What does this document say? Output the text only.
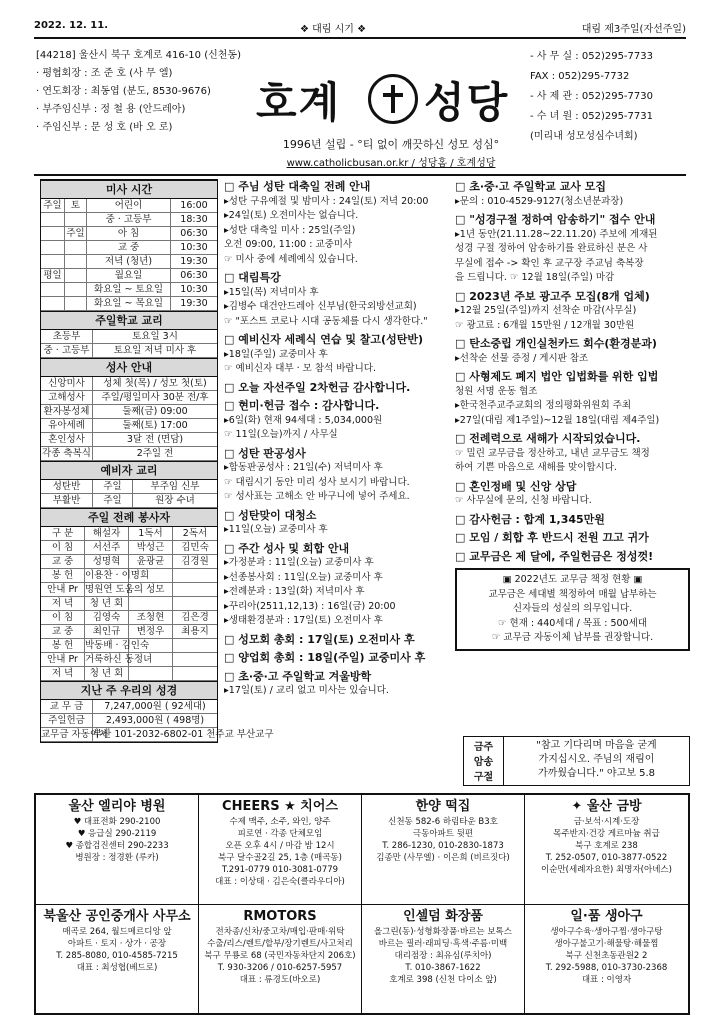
2022. 12. 11.	❖ 대림 시기 ❖	대림 제3주일(자선주일)
[44218] 울산시 북구 호계로 416-10 (신천동)
· 평협회장 : 조 준 호 (사 무 엘)
· 연도회장 : 최동엽 (분도, 8530-9676)
· 부주임신부 : 정 철 용 (안드레아)
· 주임신부 : 문 성 호 (바 오 로)
- 사 무 실 : 052)295-7733
FAX : 052)295-7732
- 사 제 관 : 052)295-7730
- 수 녀 원 : 052)295-7731
(미리내 성모성심수녀회)
호계 성당
1996년 설립 - °티 없이 깨끗하신 성모 성심°
www.catholicbusan.or.kr / 성당홈 / 호계성당
미사 시간
주일 토	어린이	16:00
중 · 고등부	18:30
주일	아 침	06:30
교 중	10:30
저녁 (청년)	19:30
평일	월요일	06:30
화요일 ~ 토요일	10:30
화요일 ~ 목요일	19:30
주일학교 교리
초등부	토요일 3시
중 · 고등부	토요일 저녁 미사 후
성사 안내
신앙미사	성체 첫(목) / 성모 첫(토)
고해성사	주일/평일미사 30분 전/후
환자봉성체	둘째(금) 09:00
유아세례	둘째(토) 17:00
혼인성사	3달 전 (면담)
각종 축복식	2주일 전
예비자 교리
성탄반	주일	부주임 신부
부활반	주일	원장 수녀
주일 전례 봉사자
구 분	해설자	1독서	2독서
이 침	서선주	박성근	김민숙
교 중	성명혁	윤광균	김경원
봉 헌	이용찬 · 이명희
안내 Pr 명원연 도움의 성모
저 녁	청 년 회
이 침	김영숙	조청현	김은경
교 중	최인규	변정우	최용지
봉 헌	박동배 · 김인숙
안내 Pr 거룩하신 동정녀
저 녁	청 년 회
지난 주 우리의 성경
교 무 금	7,247,000원 ( 92세대)
주일헌금	2,493,000원 ( 498명)
교무금 자동이체
부산 101-2032-6802-01 천주교 부산교구
□ 주님 성탄 대축일 전례 안내
▸성탄 구유예절 및 밤미사 : 24일(토) 저녁 20:00
▸24일(토) 오전미사는 없습니다.
▸성탄 대축일 미사 : 25일(주일)
오전 09:00, 11:00 : 교중미사
☞ 미사 중에 세례예식 있습니다.
□ 대림특강
▸15일(목) 저녁미사 후
▸김병수 대건안드레아 신부님(한국외방선교회)
☞ "포스트 코로나 시대 공동체를 다시 생각한다."
□ 예비신자 세례식 연습 및 찰고(성탄반)
▸18일(주일) 교중미사 후
☞ 예비신자 대부 · 모 참석 바랍니다.
□ 오늘 자선주일 2차헌금 감사합니다.
□ 현미·헌금 접수 : 감사합니다.
▸6일(화) 현재 94세대 : 5,034,000원
☞ 11일(오늘)까지 / 사무실
□ 성탄 판공성사
▸합동판공성사 : 21일(수) 저녁미사 후
☞ 대림시기 동안 미리 성사 보시기 바랍니다.
☞ 성사표는 고해소 안 바구니에 넣어 주세요.
□ 성탄맞이 대청소
▸11일(오늘) 교중미사 후
□ 주간 성사 및 회합 안내
▸가정분과 : 11일(오늘) 교중미사 후
▸선종봉사회 : 11일(오늘) 교중미사 후
▸전례분과 : 13일(화) 저녁미사 후
▸꾸리아(2511,12,13) : 16일(금) 20:00
▸생태환경분과 : 17일(토) 오전미사 후
□ 성모회 총회 : 17일(토) 오전미사 후
□ 양업회 총회 : 18일(주일) 교중미사 후
□ 초·중·고 주일학교 겨울방학
▸17일(토) / 교리 없고 미사는 있습니다.
□ 초·중·고 주일학교 교사 모집
▸문의 : 010-4529-9127(청소년분과장)
□ "성경구절 정하여 암송하기" 접수 안내
▸1년 동안(21.11.28~22.11.20) 주보에 게재된
성경 구절 정하여 암송하기를 완료하신 분은 사
무실에 접수 -> 확인 후 교구장 주교님 축복장
을 드립니다. ☞ 12월 18일(주일) 마감
□ 2023년 주보 광고주 모집(8개 업체)
▸12월 25일(주일)까지 선착순 마감(사무실)
☞ 광고료 : 6개월 15만원 / 12개월 30만원
□ 탄소중립 개인실천카드 회수(환경분과)
▸선착순 선물 증정 / 게시판 참조
□ 사형제도 폐지 법안 입법화를 위한 입법
청원 서명 운동 협조
▸한국천주교주교회의 정의평화위원회 주최
▸27일(대림 제1주일)~12월 18일(대림 제4주일)
□ 전례력으로 새해가 시작되었습니다.
☞ 밀린 교무금을 정산하고, 내년 교무금도 책정
하여 기쁜 마음으로 새해를 맞이합시다.
□ 혼인정배 및 신앙 상담
☞ 사무실에 문의, 신청 바랍니다.
□ 감사헌금 : 합계 1,345만원
□ 모임 / 회합 후 반드시 전원 끄고 귀가
□ 교무금은 제 달에, 주일헌금은 정성껏!
▣ 2022년도 교무금 책정 현황 ▣
교무금은 세대별 책정하여 매월 납부하는
신자들의 성실의 의무입니다.
☞ 현재 : 440세대 / 목표 : 500세대
☞ 교무금 자동이체 납부를 권장합니다.
금주
암송
구절
"참고 기다리며 마음을 굳게
가지십시오. 주님의 재림이
가까웠습니다." 야고보 5.8
울산 엘리야 병원
♥ 대표전화 290-2100
♥ 응급실 290-2119
♥ 종합검진센터 290-2233
병원장 : 정경환 (루카)
CHEERS ★ 치어스
수제 맥주, 소주, 와인, 양주
피로연 · 각종 단체모임
오픈 오후 4시 / 마감 밤 12시
북구 달수골2길 25, 1층 (매곡동)
T.291-0779 010-3081-0779
대표 : 이상태 · 김은숙(클라우디아)
한양 떡집
신천동 582-6 하림타운 B3호
극동아파트 뒷편
T. 286-1230, 010-2830-1873
김종만 (사무엘) · 이은희 (비르짓다)
✦ 울산 금방
금·보석·시계·도장
목주반지·건강 게르마늄 취급
북구 호계로 238
T. 252-0507, 010-3877-0522
이순만(세례자요한) 최명자(아녜스)
북울산 공인중개사 사무소
매곡로 264, 월드메르디앙 앞
아파트 · 토지 · 상가 · 공장
T. 285-8080, 010-4585-7215
대표 : 최성협(베드로)
RMOTORS
전차종/신차/중고차/매입·판매·위탁
수출/리스/렌트/할부/장기렌트/사고처리
북구 무룡로 68 (국민자동차단지 206호)
T. 930-3206 / 010-6257-5957
대표 : 류경도(바오로)
인셀덤 화장품
올그린(동)·성형화장품·바르는 보톡스
바르는 필러·래피딩·흑색·주름·미백
대리점장 : 최유심(루치아)
T. 010-3867-1622
호계로 398 (신천 다이소 앞)
일·품 생아구
생아구수육·생아구찜·생아구탕
생아구불고기·해물탕·해물찜
북구 신천초동관원2 2
T. 292-5988, 010-3730-2368
대표 : 이영자
